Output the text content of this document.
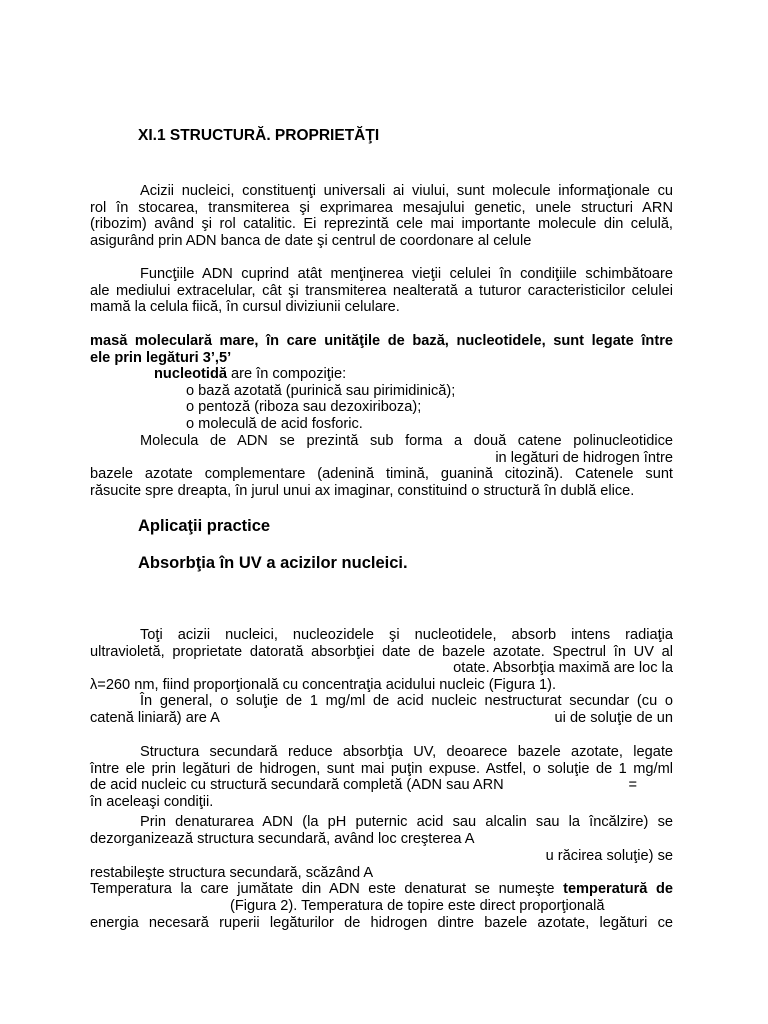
XI.1 STRUCTURĂ. PROPRIETĂŢI
Acizii nucleici, constituenţi universali ai viului, sunt molecule informaţionale cu
rol în stocarea, transmiterea şi exprimarea mesajului genetic, unele structuri ARN
(ribozim) având şi rol catalitic. Ei reprezintă cele mai importante molecule din celulă,
asigurând prin ADN banca de date şi centrul de coordonare al celule
Funcţiile ADN cuprind atât menţinerea vieţii celulei în condiţiile schimbătoare
ale mediului extracelular, cât şi transmiterea nealterată a tuturor caracteristicilor celulei
mamă la celula fiică, în cursul diviziunii celulare.
masă moleculară mare, în care unităţile de bază, nucleotidele, sunt legate între
ele prin legături 3’,5’
nucleotidă are în compoziţie:
o bază azotată (purinică sau pirimidinică);
o pentoză (riboza sau dezoxiriboza);
o moleculă de acid fosforic.
Molecula de ADN se prezintă sub forma a două catene polinucleotidice
in legături de hidrogen între
bazele azotate complementare (adenină timină, guanină citozină). Catenele sunt
răsucite spre dreapta, în jurul unui ax imaginar, constituind o structură în dublă elice.
Aplicaţii practice
Absorbţia în UV a acizilor nucleici.
Toţi acizii nucleici, nucleozidele şi nucleotidele, absorb intens radiaţia
ultravioletă, proprietate datorată absorbţiei date de bazele azotate. Spectrul în UV al
otate. Absorbţia maximă are loc la
λ=260 nm, fiind proporţională cu concentraţia acidului nucleic (Figura 1).
În general, o soluţie de 1 mg/ml de acid nucleic nestructurat secundar (cu o
catenă liniară) are A	ui de soluţie de un
Structura secundară reduce absorbţia UV, deoarece bazele azotate, legate
între ele prin legături de hidrogen, sunt mai puţin expuse. Astfel, o soluţie de 1 mg/ml
de acid nucleic cu structură secundară completă (ADN sau ARN	=
în aceleaşi condiţii.
Prin denaturarea ADN (la pH puternic acid sau alcalin sau la încălzire) se
dezorganizează structura secundară, având loc creşterea A
u răcirea soluţie) se
restabileşte structura secundară, scăzând A
Temperatura la care jumătate din ADN este denaturat se numeşte temperatură de
(Figura 2). Temperatura de topire este direct proporţională
energia necesară ruperii legăturilor de hidrogen dintre bazele azotate, legături ce
